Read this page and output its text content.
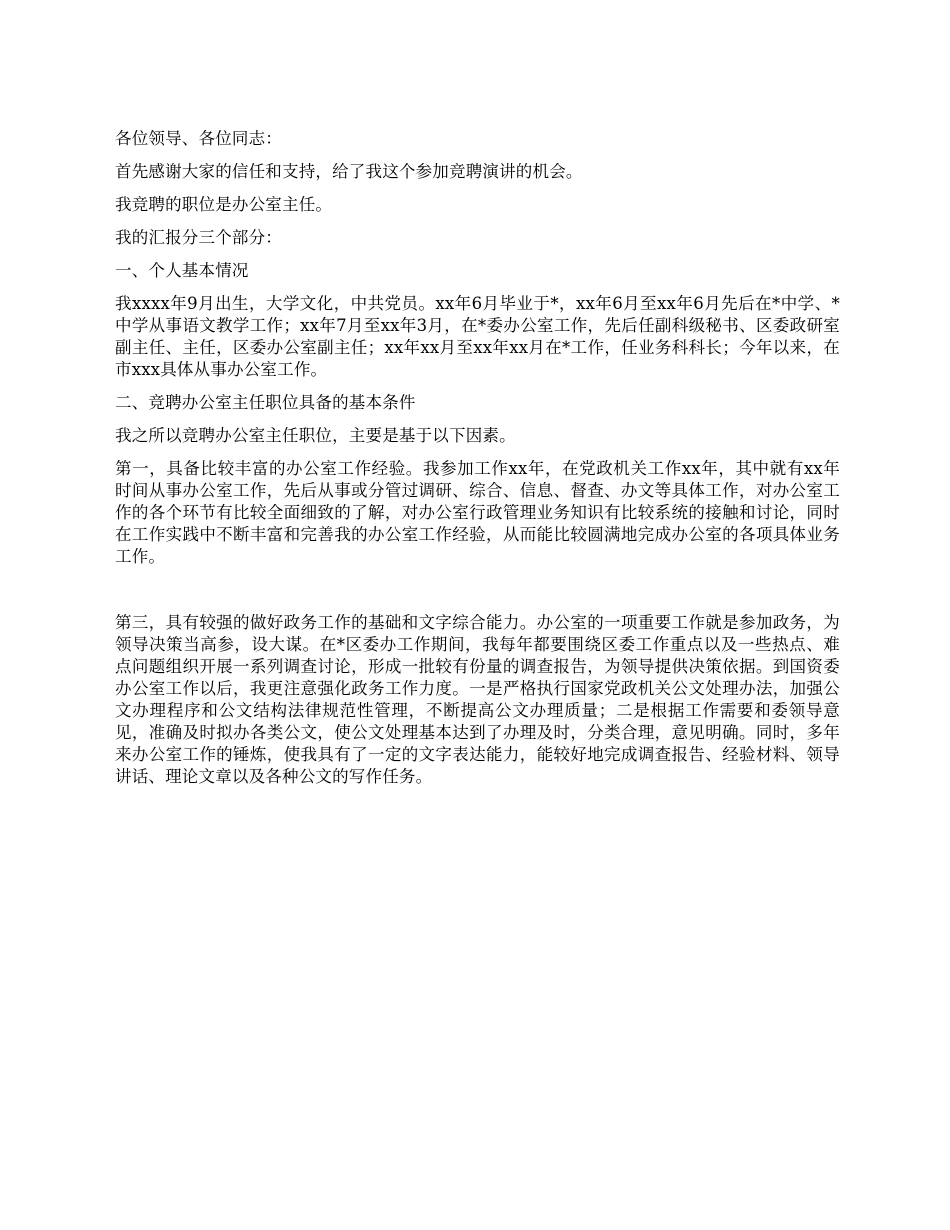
各位领导、各位同志：

首先感谢大家的信任和支持，给了我这个参加竞聘演讲的机会。

我竞聘的职位是办公室主任。

我的汇报分三个部分：

一、个人基本情况

我xxxx年9月出生，大学文化，中共党员。xx年6月毕业于*，xx年6月至xx年6月先后在*中学、*中学从事语文教学工作；xx年7月至xx年3月，在*委办公室工作，先后任副科级秘书、区委政研室副主任、主任，区委办公室副主任；xx年xx月至xx年xx月在*工作，任业务科科长；今年以来，在市xxx具体从事办公室工作。

二、竞聘办公室主任职位具备的基本条件

我之所以竞聘办公室主任职位，主要是基于以下因素。

第一，具备比较丰富的办公室工作经验。我参加工作xx年，在党政机关工作xx年，其中就有xx年时间从事办公室工作，先后从事或分管过调研、综合、信息、督查、办文等具体工作，对办公室工作的各个环节有比较全面细致的了解，对办公室行政管理业务知识有比较系统的接触和讨论，同时在工作实践中不断丰富和完善我的办公室工作经验，从而能比较圆满地完成办公室的各项具体业务工作。

第三，具有较强的做好政务工作的基础和文字综合能力。办公室的一项重要工作就是参加政务，为领导决策当高参，设大谋。在*区委办工作期间，我每年都要围绕区委工作重点以及一些热点、难点问题组织开展一系列调查讨论，形成一批较有份量的调查报告，为领导提供决策依据。到国资委办公室工作以后，我更注意强化政务工作力度。一是严格执行国家党政机关公文处理办法，加强公文办理程序和公文结构法律规范性管理，不断提高公文办理质量；二是根据工作需要和委领导意见，准确及时拟办各类公文，使公文处理基本达到了办理及时，分类合理，意见明确。同时，多年来办公室工作的锤炼，使我具有了一定的文字表达能力，能较好地完成调查报告、经验材料、领导讲话、理论文章以及各种公文的写作任务。
